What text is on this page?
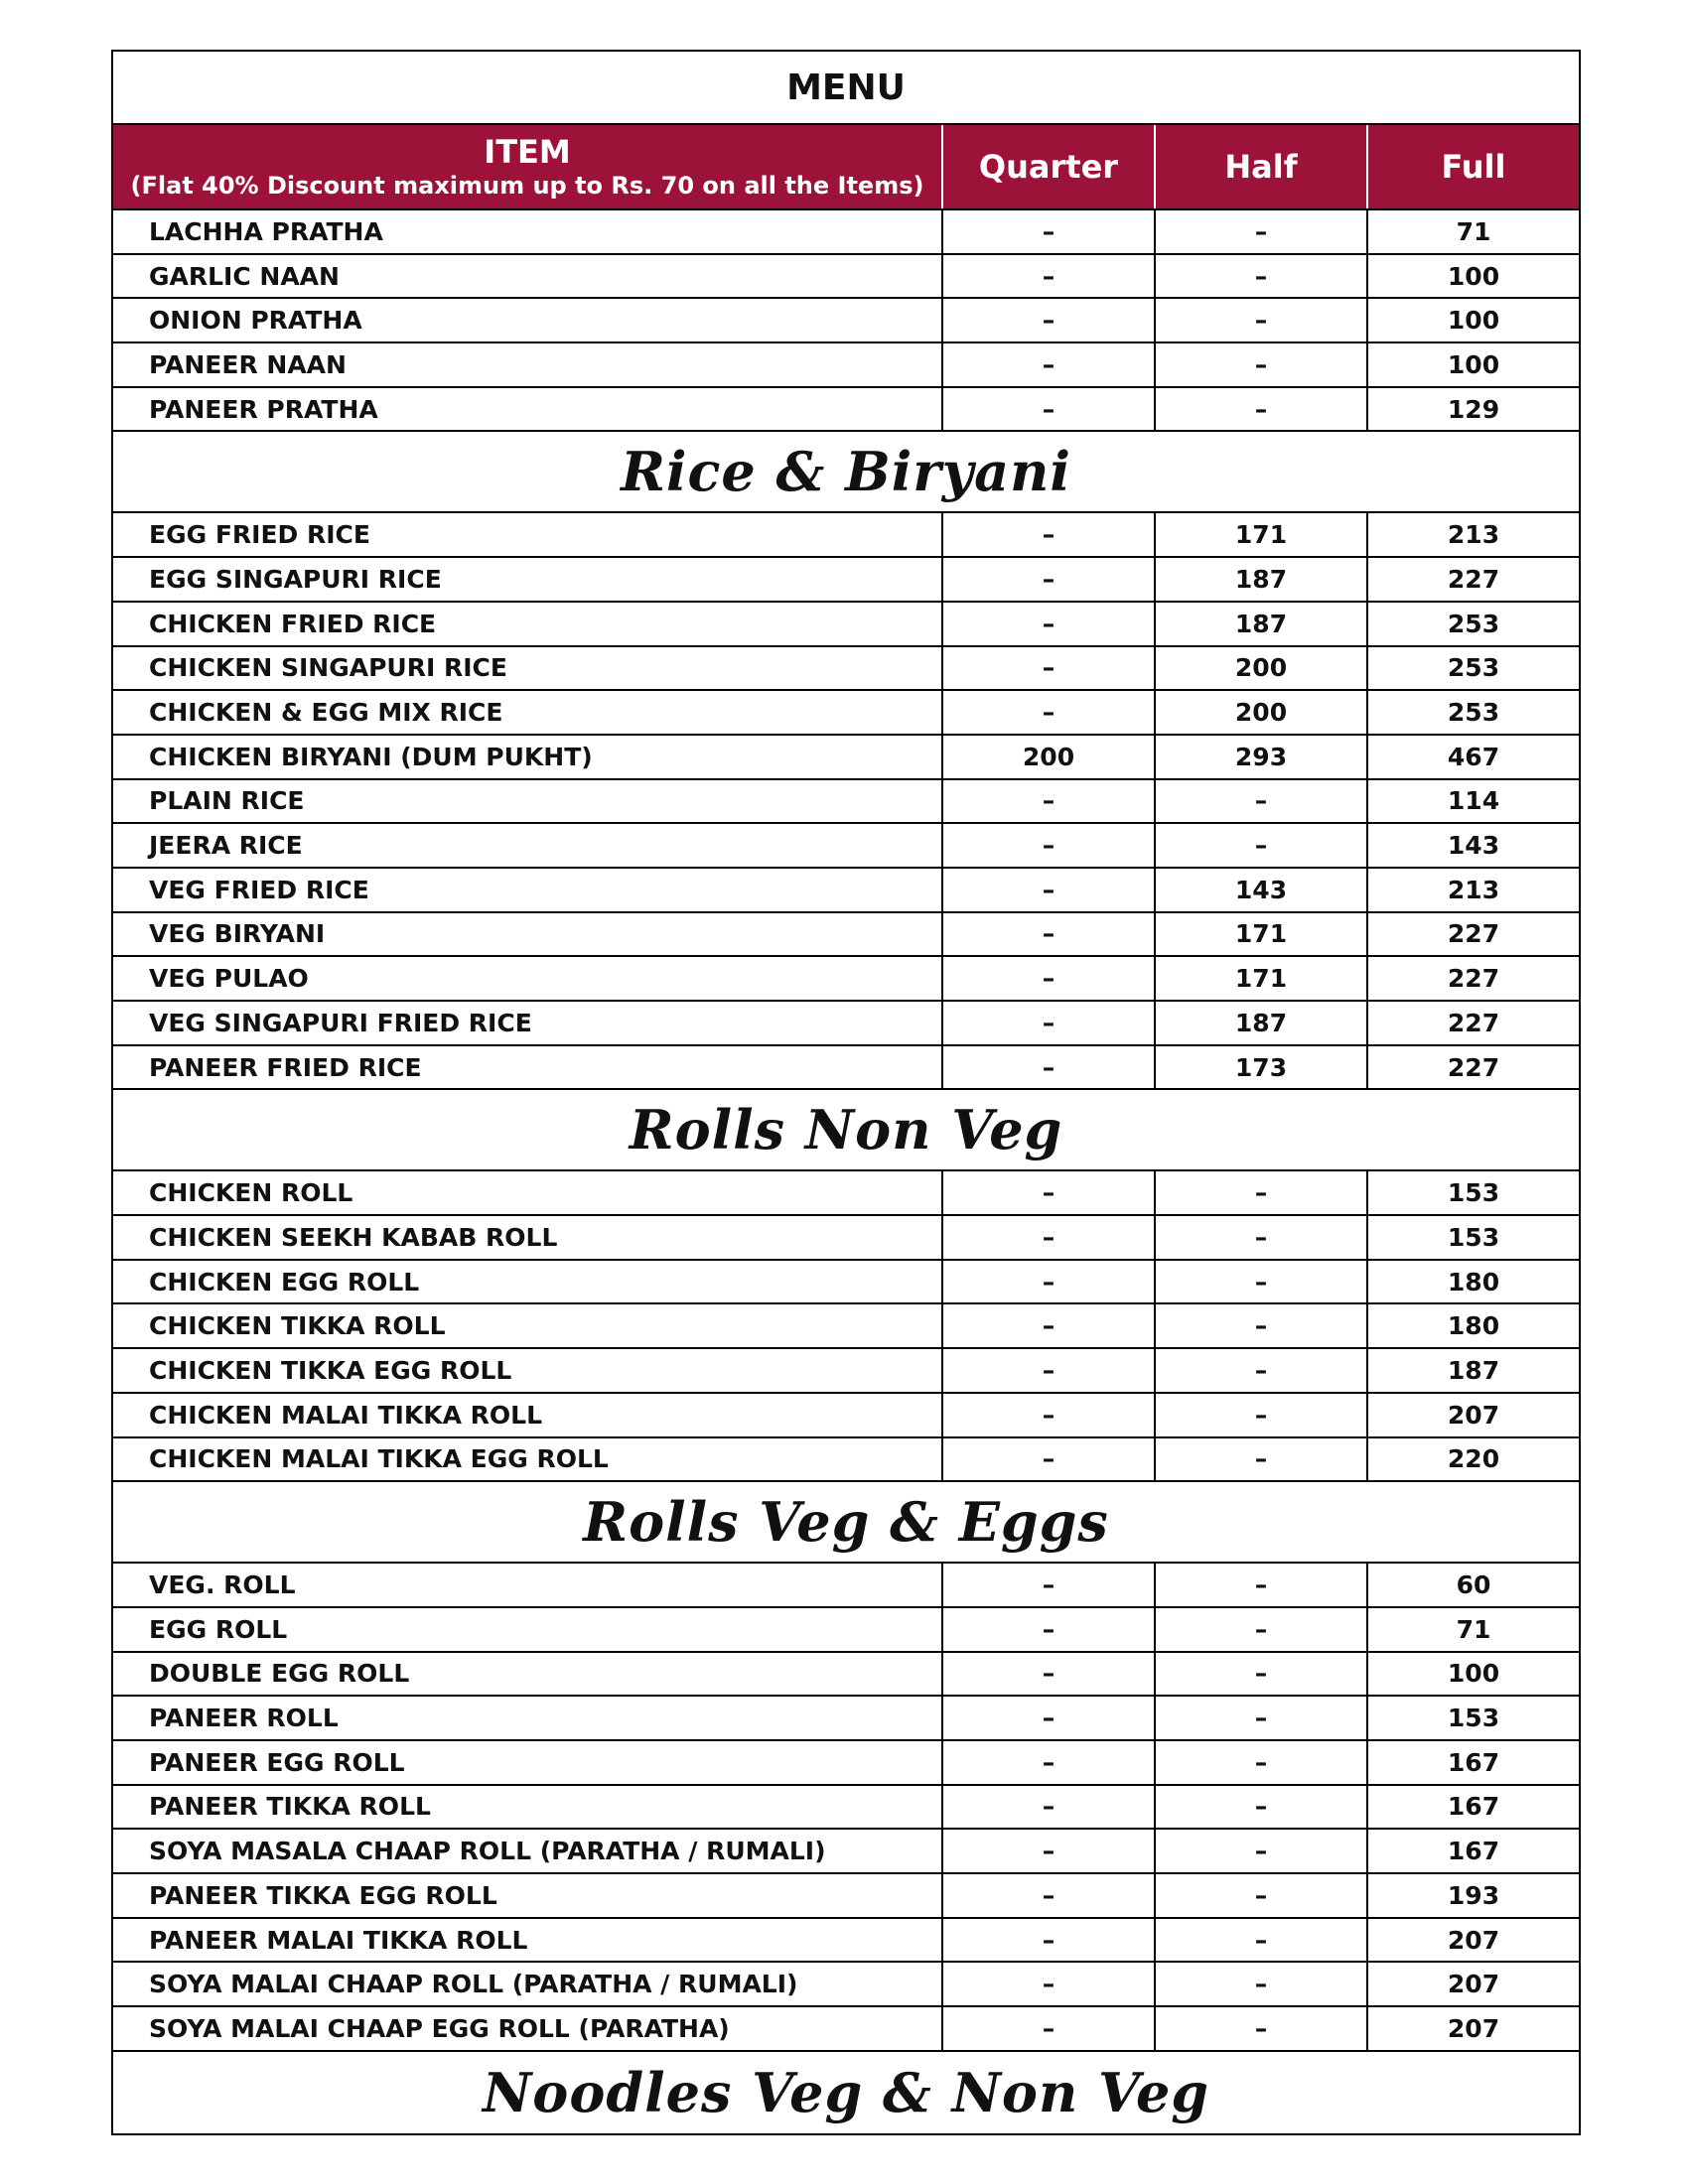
MENU
ITEM
(Flat 40% Discount maximum up to Rs. 70 on all the Items)	Quarter	Half	Full
LACHHA PRATHA	–	–	71
GARLIC NAAN	–	–	100
ONION PRATHA	–	–	100
PANEER NAAN	–	–	100
PANEER PRATHA	–	–	129
Rice & Biryani
EGG FRIED RICE	–	171	213
EGG SINGAPURI RICE	–	187	227
CHICKEN FRIED RICE	–	187	253
CHICKEN SINGAPURI RICE	–	200	253
CHICKEN & EGG MIX RICE	–	200	253
CHICKEN BIRYANI (DUM PUKHT)	200	293	467
PLAIN RICE	–	–	114
JEERA RICE	–	–	143
VEG FRIED RICE	–	143	213
VEG BIRYANI	–	171	227
VEG PULAO	–	171	227
VEG SINGAPURI FRIED RICE	–	187	227
PANEER FRIED RICE	–	173	227
Rolls Non Veg
CHICKEN ROLL	–	–	153
CHICKEN SEEKH KABAB ROLL	–	–	153
CHICKEN EGG ROLL	–	–	180
CHICKEN TIKKA ROLL	–	–	180
CHICKEN TIKKA EGG ROLL	–	–	187
CHICKEN MALAI TIKKA ROLL	–	–	207
CHICKEN MALAI TIKKA EGG ROLL	–	–	220
Rolls Veg & Eggs
VEG. ROLL	–	–	60
EGG ROLL	–	–	71
DOUBLE EGG ROLL	–	–	100
PANEER ROLL	–	–	153
PANEER EGG ROLL	–	–	167
PANEER TIKKA ROLL	–	–	167
SOYA MASALA CHAAP ROLL (PARATHA / RUMALI)	–	–	167
PANEER TIKKA EGG ROLL	–	–	193
PANEER MALAI TIKKA ROLL	–	–	207
SOYA MALAI CHAAP ROLL (PARATHA / RUMALI)	–	–	207
SOYA MALAI CHAAP EGG ROLL (PARATHA)	–	–	207
Noodles Veg & Non Veg
